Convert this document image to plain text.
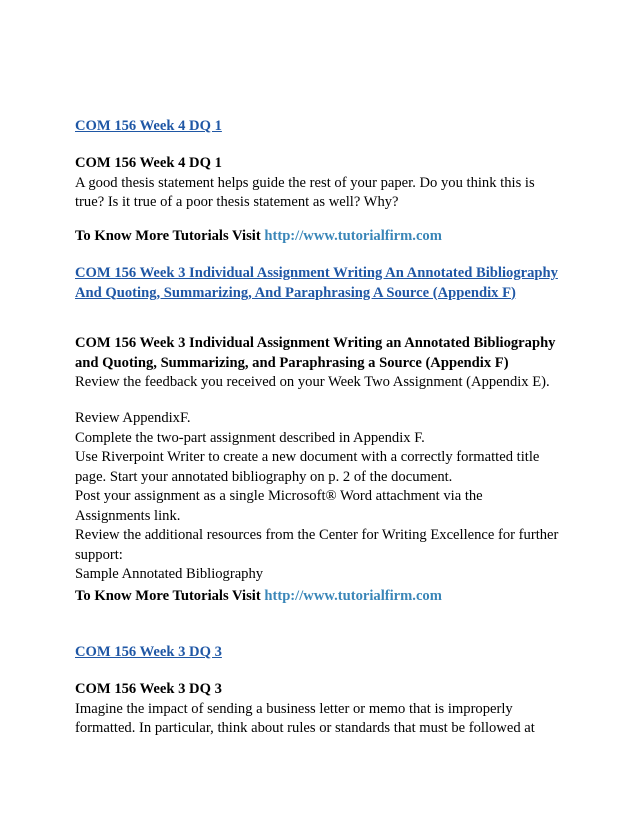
COM 156 Week 4 DQ 1
COM 156 Week 4 DQ 1
A good thesis statement helps guide the rest of your paper. Do you think this is
true? Is it true of a poor thesis statement as well? Why?
To Know More Tutorials Visit http://www.tutorialfirm.com
COM 156 Week 3 Individual Assignment Writing An Annotated Bibliography
And Quoting, Summarizing, And Paraphrasing A Source (Appendix F)
COM 156 Week 3 Individual Assignment Writing an Annotated Bibliography
and Quoting, Summarizing, and Paraphrasing a Source (Appendix F)
Review the feedback you received on your Week Two Assignment (Appendix E).
Review AppendixF.
Complete the two-part assignment described in Appendix F.
Use Riverpoint Writer to create a new document with a correctly formatted title
page. Start your annotated bibliography on p. 2 of the document.
Post your assignment as a single Microsoft® Word attachment via the
Assignments link.
Review the additional resources from the Center for Writing Excellence for further
support:
Sample Annotated Bibliography
To Know More Tutorials Visit http://www.tutorialfirm.com
COM 156 Week 3 DQ 3
COM 156 Week 3 DQ 3
Imagine the impact of sending a business letter or memo that is improperly
formatted. In particular, think about rules or standards that must be followed at
